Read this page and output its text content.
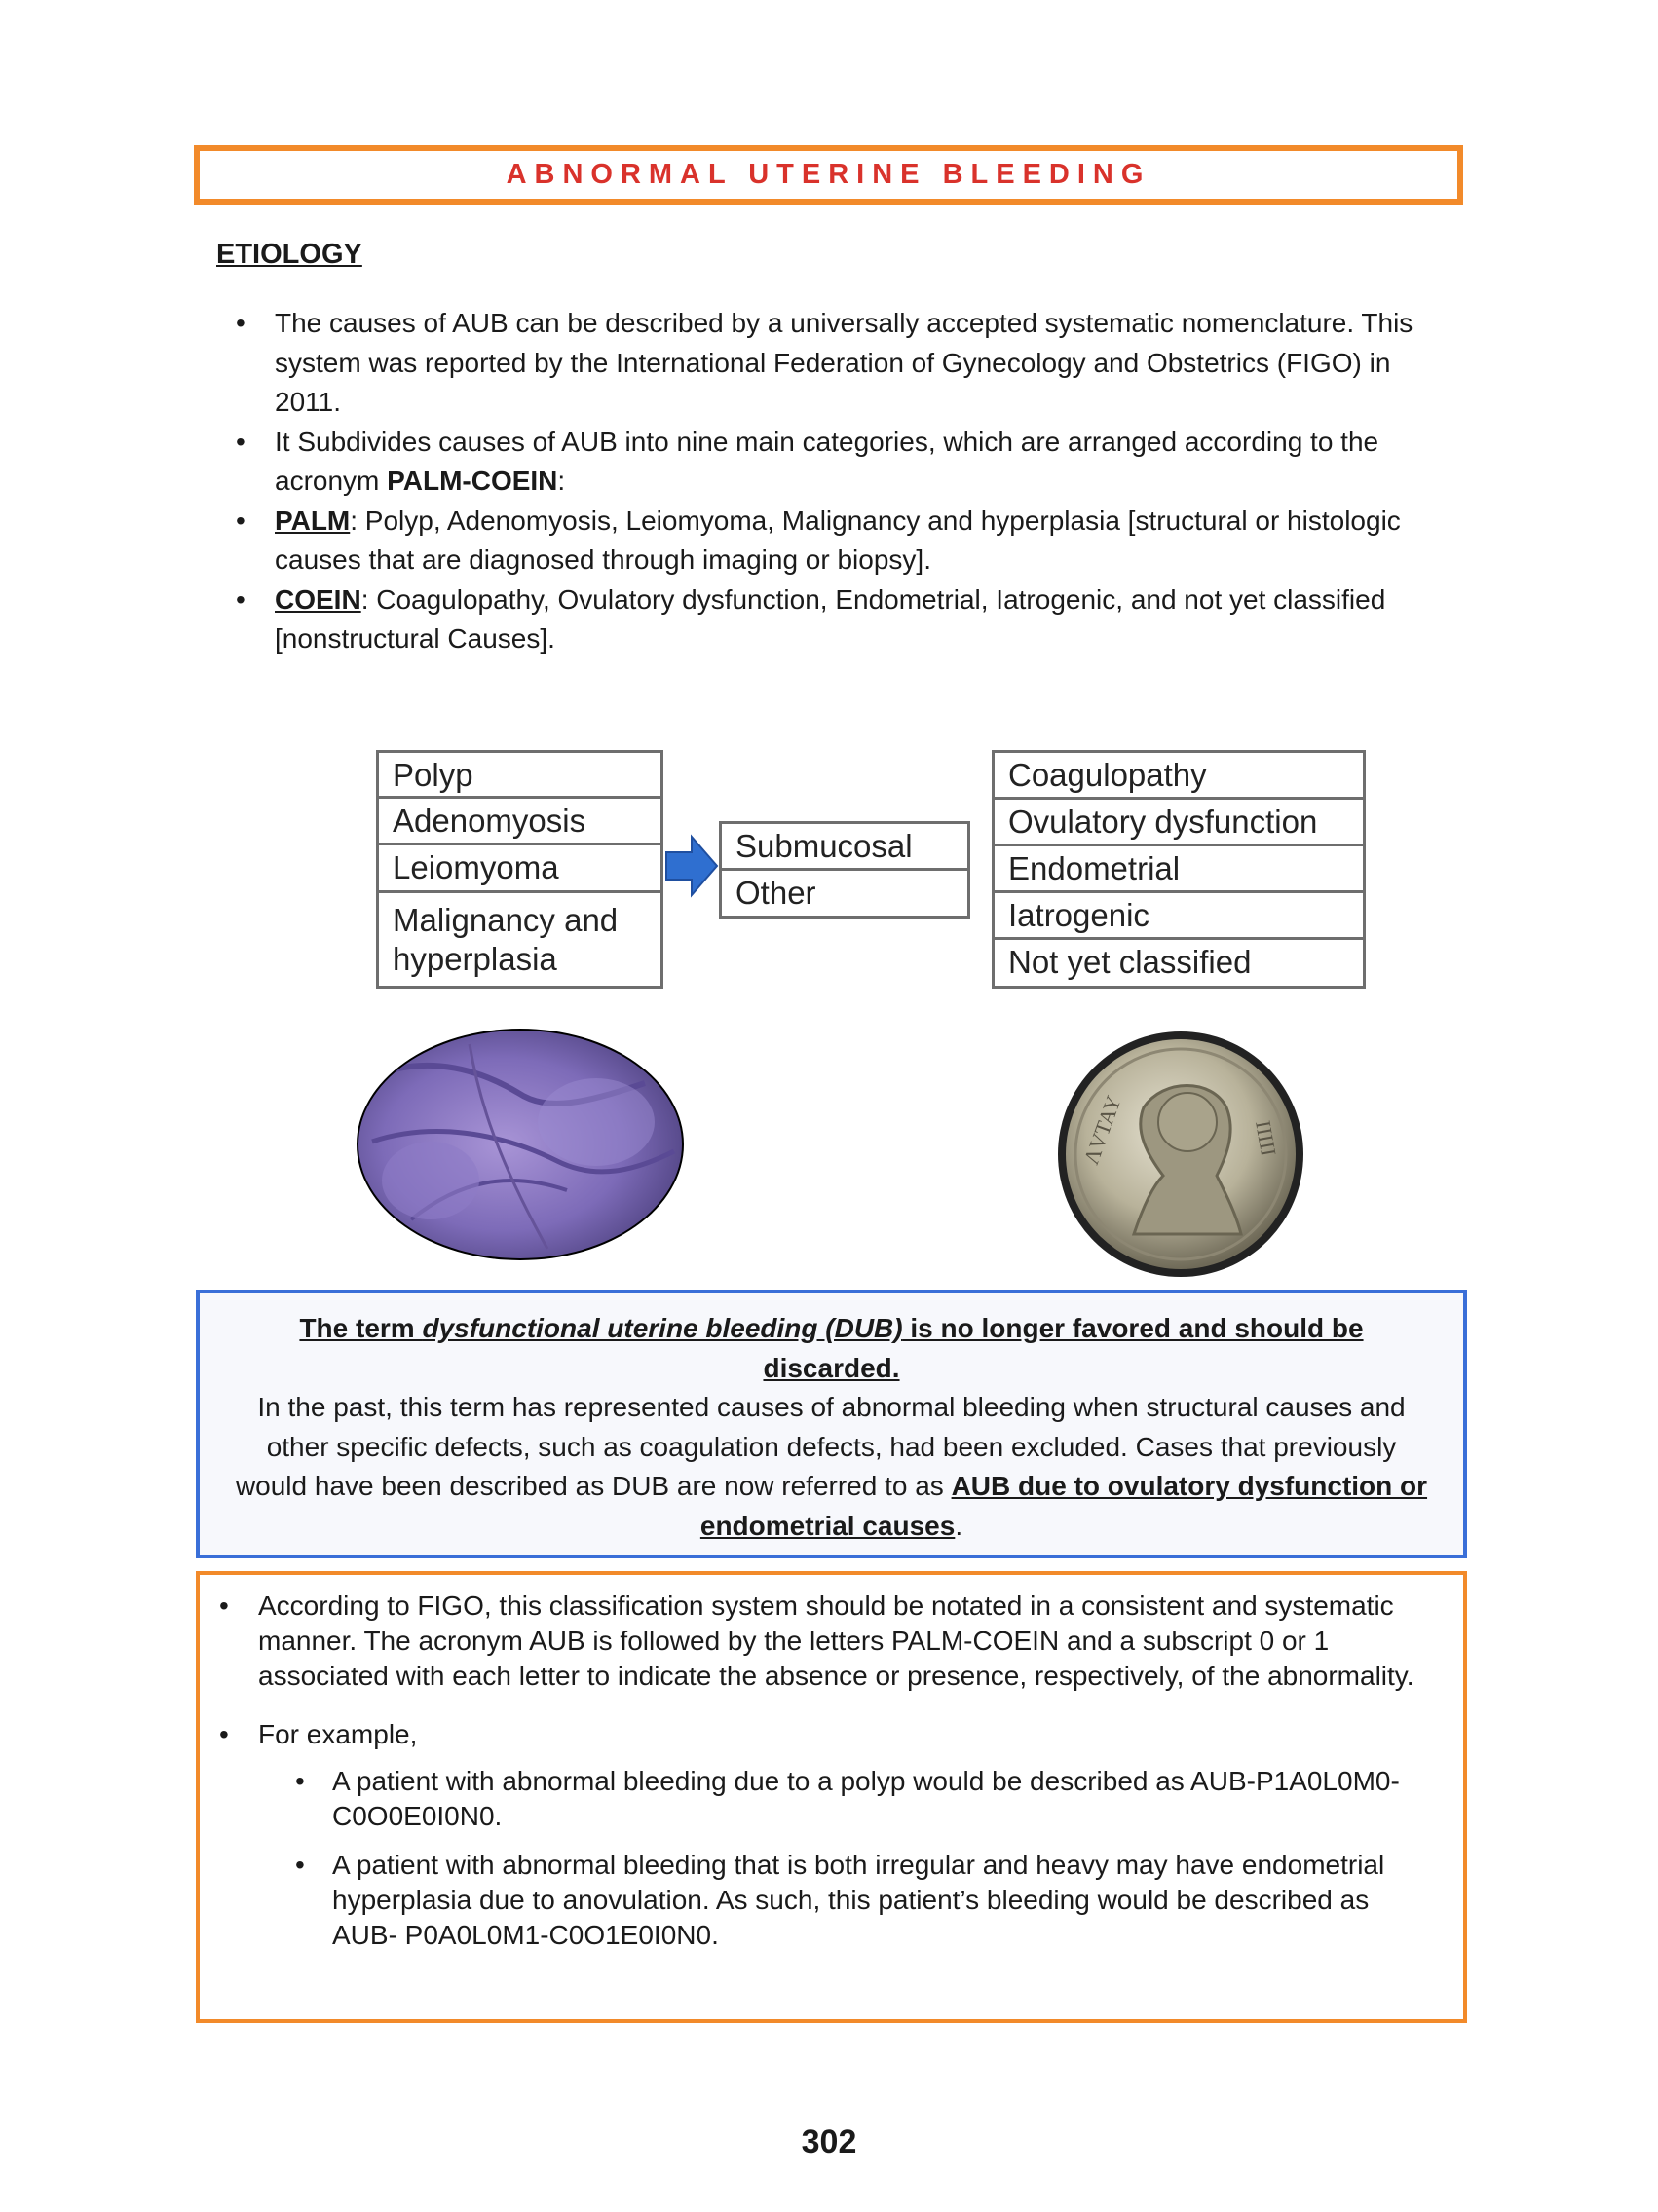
ABNORMAL UTERINE BLEEDING
ETIOLOGY
• The causes of AUB can be described by a universally accepted systematic nomenclature. This system was reported by the International Federation of Gynecology and Obstetrics (FIGO) in 2011.
• It Subdivides causes of AUB into nine main categories, which are arranged according to the acronym PALM-COEIN:
• PALM: Polyp, Adenomyosis, Leiomyoma, Malignancy and hyperplasia [structural or histologic causes that are diagnosed through imaging or biopsy].
• COEIN: Coagulopathy, Ovulatory dysfunction, Endometrial, Iatrogenic, and not yet classified [nonstructural Causes].
Polyp
Adenomyosis
Leiomyoma
Malignancy and hyperplasia
Submucosal
Other
Coagulopathy
Ovulatory dysfunction
Endometrial
Iatrogenic
Not yet classified
ΛVTAY	IIIII
The term dysfunctional uterine bleeding (DUB) is no longer favored and should be discarded.
In the past, this term has represented causes of abnormal bleeding when structural causes and other specific defects, such as coagulation defects, had been excluded. Cases that previously would have been described as DUB are now referred to as AUB due to ovulatory dysfunction or endometrial causes.
• According to FIGO, this classification system should be notated in a consistent and systematic manner. The acronym AUB is followed by the letters PALM-COEIN and a subscript 0 or 1 associated with each letter to indicate the absence or presence, respectively, of the abnormality.
• For example,
• A patient with abnormal bleeding due to a polyp would be described as AUB-P1A0L0M0-C0O0E0I0N0.
• A patient with abnormal bleeding that is both irregular and heavy may have endometrial hyperplasia due to anovulation. As such, this patient’s bleeding would be described as AUB- P0A0L0M1-C0O1E0I0N0.
302
